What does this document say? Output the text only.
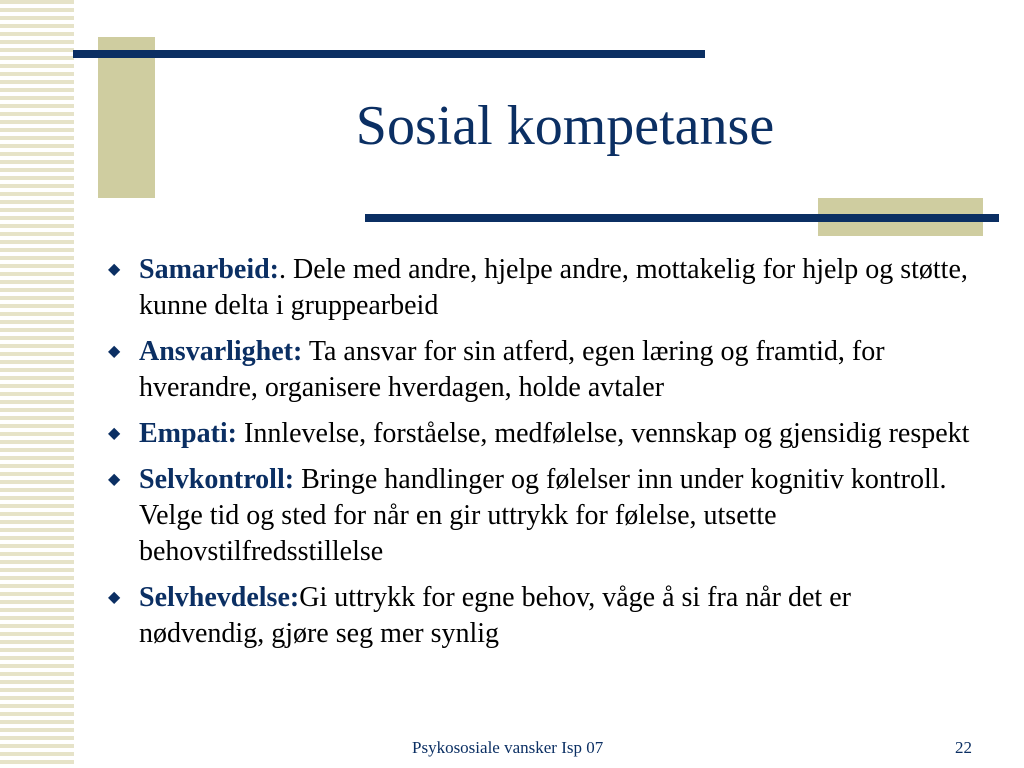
Sosial kompetanse
◆ Samarbeid:. Dele med andre, hjelpe andre, mottakelig for hjelp og støtte, kunne delta i gruppearbeid
◆ Ansvarlighet: Ta ansvar for sin atferd, egen læring og framtid, for hverandre, organisere hverdagen, holde avtaler
◆ Empati: Innlevelse, forståelse, medfølelse, vennskap og gjensidig respekt
◆ Selvkontroll: Bringe handlinger og følelser inn under kognitiv kontroll. Velge tid og sted for når en gir uttrykk for følelse, utsette behovstilfredsstillelse
◆ Selvhevdelse:Gi uttrykk for egne behov, våge å si fra når det er nødvendig, gjøre seg mer synlig
Psykososiale vansker Isp 07	22
